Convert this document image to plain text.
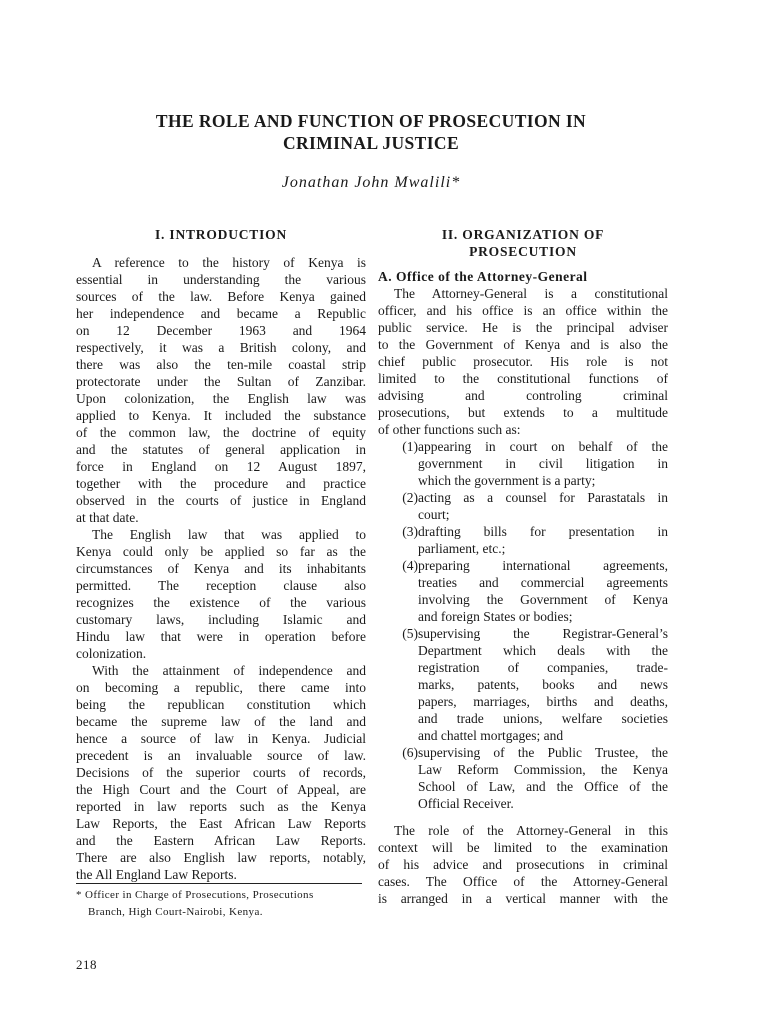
THE ROLE AND FUNCTION OF PROSECUTION IN
CRIMINAL JUSTICE
Jonathan John Mwalili*
I. INTRODUCTION
A reference to the history of Kenya is
essential in understanding the various
sources of the law. Before Kenya gained
her independence and became a Republic
on 12 December 1963 and 1964
respectively, it was a British colony, and
there was also the ten-mile coastal strip
protectorate under the Sultan of Zanzibar.
Upon colonization, the English law was
applied to Kenya. It included the substance
of the common law, the doctrine of equity
and the statutes of general application in
force in England on 12 August 1897,
together with the procedure and practice
observed in the courts of justice in England
at that date.
The English law that was applied to
Kenya could only be applied so far as the
circumstances of Kenya and its inhabitants
permitted. The reception clause also
recognizes the existence of the various
customary laws, including Islamic and
Hindu law that were in operation before
colonization.
With the attainment of independence and
on becoming a republic, there came into
being the republican constitution which
became the supreme law of the land and
hence a source of law in Kenya. Judicial
precedent is an invaluable source of law.
Decisions of the superior courts of records,
the High Court and the Court of Appeal, are
reported in law reports such as the Kenya
Law Reports, the East African Law Reports
and the Eastern African Law Reports.
There are also English law reports, notably,
the All England Law Reports.
II. ORGANIZATION OF
PROSECUTION
A. Office of the Attorney-General
The Attorney-General is a constitutional
officer, and his office is an office within the
public service. He is the principal adviser
to the Government of Kenya and is also the
chief public prosecutor. His role is not
limited to the constitutional functions of
advising and controling criminal
prosecutions, but extends to a multitude
of other functions such as:
(1) appearing in court on behalf of the
government in civil litigation in
which the government is a party;
(2) acting as a counsel for Parastatals in
court;
(3) drafting bills for presentation in
parliament, etc.;
(4) preparing international agreements,
treaties and commercial agreements
involving the Government of Kenya
and foreign States or bodies;
(5) supervising the Registrar-General’s
Department which deals with the
registration of companies, trade-
marks, patents, books and news
papers, marriages, births and deaths,
and trade unions, welfare societies
and chattel mortgages; and
(6) supervising of the Public Trustee, the
Law Reform Commission, the Kenya
School of Law, and the Office of the
Official Receiver.
The role of the Attorney-General in this
context will be limited to the examination
of his advice and prosecutions in criminal
cases. The Office of the Attorney-General
is arranged in a vertical manner with the
* Officer in Charge of Prosecutions, Prosecutions
Branch, High Court-Nairobi, Kenya.
218
